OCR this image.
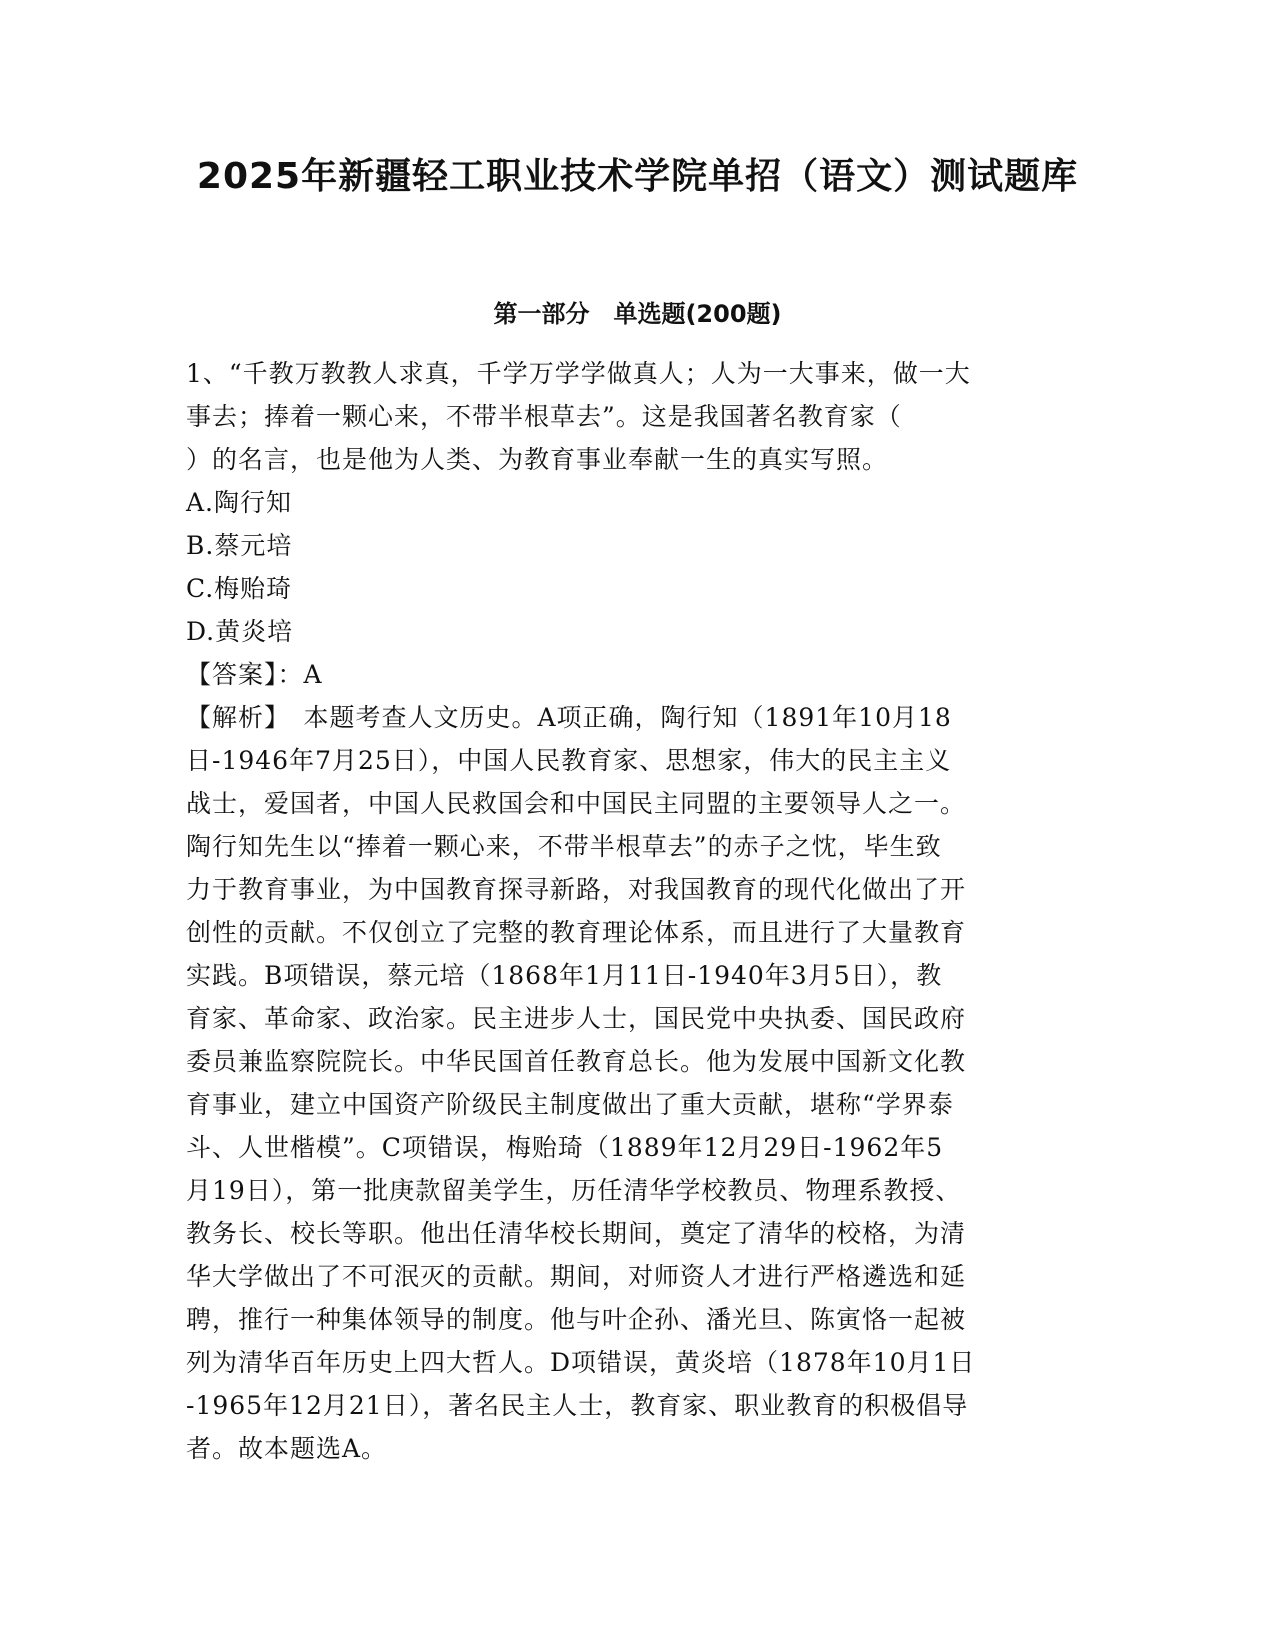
2025年新疆轻工职业技术学院单招（语文）测试题库
第一部分　单选题(200题)
1、“千教万教教人求真，千学万学学做真人；人为一大事来，做一大
事去；捧着一颗心来，不带半根草去”。这是我国著名教育家（
）的名言，也是他为人类、为教育事业奉献一生的真实写照。
A.陶行知
B.蔡元培
C.梅贻琦
D.黄炎培
【答案】：A
【解析】　本题考查人文历史。A项正确，陶行知（1891年10月18
日-1946年7月25日），中国人民教育家、思想家，伟大的民主主义
战士，爱国者，中国人民救国会和中国民主同盟的主要领导人之一。
陶行知先生以“捧着一颗心来，不带半根草去”的赤子之忱，毕生致
力于教育事业，为中国教育探寻新路，对我国教育的现代化做出了开
创性的贡献。不仅创立了完整的教育理论体系，而且进行了大量教育
实践。B项错误，蔡元培（1868年1月11日-1940年3月5日），教
育家、革命家、政治家。民主进步人士，国民党中央执委、国民政府
委员兼监察院院长。中华民国首任教育总长。他为发展中国新文化教
育事业，建立中国资产阶级民主制度做出了重大贡献，堪称“学界泰
斗、人世楷模”。C项错误，梅贻琦（1889年12月29日-1962年5
月19日），第一批庚款留美学生，历任清华学校教员、物理系教授、
教务长、校长等职。他出任清华校长期间，奠定了清华的校格，为清
华大学做出了不可泯灭的贡献。期间，对师资人才进行严格遴选和延
聘，推行一种集体领导的制度。他与叶企孙、潘光旦、陈寅恪一起被
列为清华百年历史上四大哲人。D项错误，黄炎培（1878年10月1日
-1965年12月21日），著名民主人士，教育家、职业教育的积极倡导
者。故本题选A。
